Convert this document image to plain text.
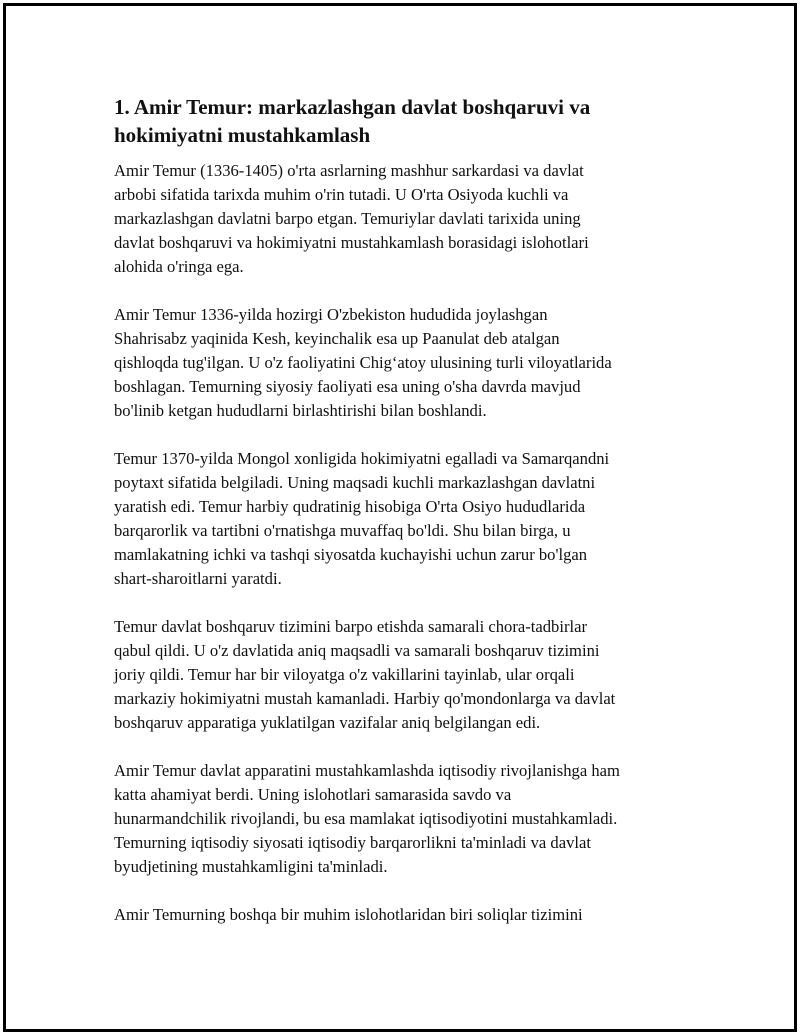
1. Amir Temur: markazlashgan davlat boshqaruvi va
hokimiyatni mustahkamlash

Amir Temur (1336-1405) o'rta asrlarning mashhur sarkardasi va davlat
arbobi sifatida tarixda muhim o'rin tutadi. U O'rta Osiyoda kuchli va
markazlashgan davlatni barpo etgan. Temuriylar davlati tarixida uning
davlat boshqaruvi va hokimiyatni mustahkamlash borasidagi islohotlari
alohida o'ringa ega.

Amir Temur 1336-yilda hozirgi O'zbekiston hududida joylashgan
Shahrisabz yaqinida Kesh, keyinchalik esa up Paanulat deb atalgan
qishloqda tug'ilgan. U o'z faoliyatini Chig‘atoy ulusining turli viloyatlarida
boshlagan. Temurning siyosiy faoliyati esa uning o'sha davrda mavjud
bo'linib ketgan hududlarni birlashtirishi bilan boshlandi.

Temur 1370-yilda Mongol xonligida hokimiyatni egalladi va Samarqandni
poytaxt sifatida belgiladi. Uning maqsadi kuchli markazlashgan davlatni
yaratish edi. Temur harbiy qudratinig hisobiga O'rta Osiyo hududlarida
barqarorlik va tartibni o'rnatishga muvaffaq bo'ldi. Shu bilan birga, u
mamlakatning ichki va tashqi siyosatda kuchayishi uchun zarur bo'lgan
shart-sharoitlarni yaratdi.

Temur davlat boshqaruv tizimini barpo etishda samarali chora-tadbirlar
qabul qildi. U o'z davlatida aniq maqsadli va samarali boshqaruv tizimini
joriy qildi. Temur har bir viloyatga o'z vakillarini tayinlab, ular orqali
markaziy hokimiyatni mustah kamanladi. Harbiy qo'mondonlarga va davlat
boshqaruv apparatiga yuklatilgan vazifalar aniq belgilangan edi.

Amir Temur davlat apparatini mustahkamlashda iqtisodiy rivojlanishga ham
katta ahamiyat berdi. Uning islohotlari samarasida savdo va
hunarmandchilik rivojlandi, bu esa mamlakat iqtisodiyotini mustahkamladi.
Temurning iqtisodiy siyosati iqtisodiy barqarorlikni ta'minladi va davlat
byudjetining mustahkamligini ta'minladi.

Amir Temurning boshqa bir muhim islohotlaridan biri soliqlar tizimini
